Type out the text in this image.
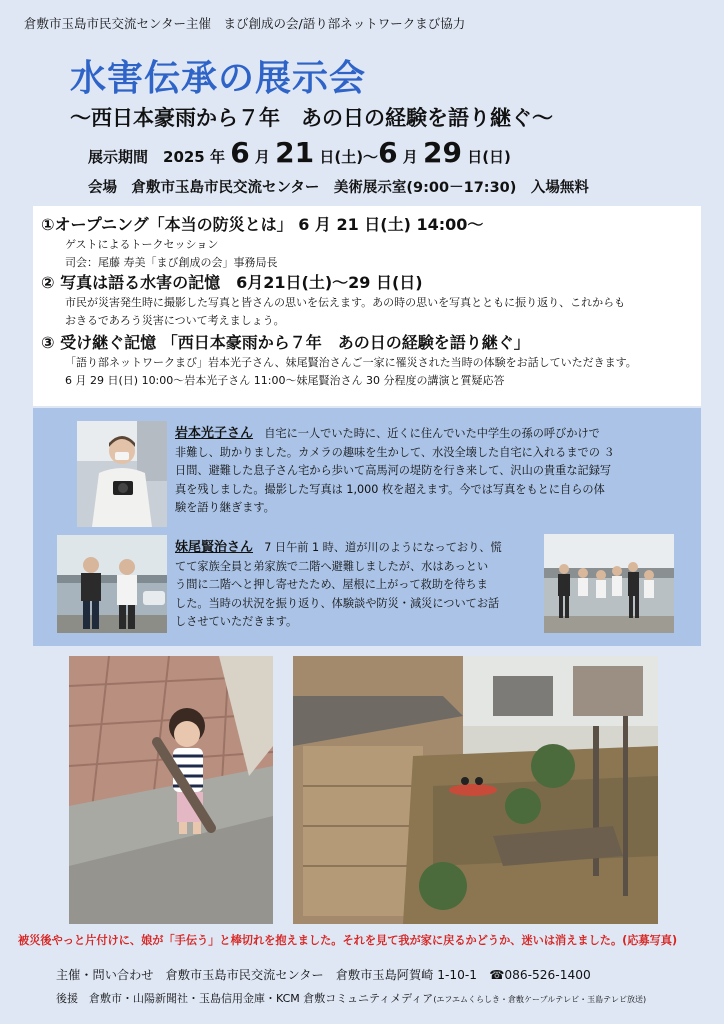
倉敷市玉島市民交流センター主催　まび創成の会/語り部ネットワークまび協力
水害伝承の展示会
〜西日本豪雨から７年　あの日の経験を語り継ぐ〜
展示期間　2025 年 6 月 21 日(土)〜6 月 29 日(日)
会場　倉敷市玉島市民交流センター　美術展示室(9:00－17:30)　入場無料
①オープニング「本当の防災とは」 6 月 21 日(土) 14:00〜
ゲストによるトークセッション
司会：尾藤 寿美「まび創成の会」事務局長
② 写真は語る水害の記憶　6月21日(土)〜29 日(日)
市民が災害発生時に撮影した写真と皆さんの思いを伝えます。あの時の思いを写真とともに振り返り、これからも
おきるであろう災害について考えましょう。
③ 受け継ぐ記憶 「西日本豪雨から７年　あの日の経験を語り継ぐ」
「語り部ネットワークまび」岩本光子さん、妹尾賢治さんご一家に罹災された当時の体験をお話していただきます。
6 月 29 日(日) 10:00〜岩本光子さん 11:00〜妹尾賢治さん 30 分程度の講演と質疑応答
岩本光子さん　自宅に一人でいた時に、近くに住んでいた中学生の孫の呼びかけで
非難し、助かりました。カメラの趣味を生かして、水没全壊した自宅に入れるまでの ３
日間、避難した息子さん宅から歩いて高馬河の堤防を行き来して、沢山の貴重な記録写
真を残しました。撮影した写真は 1,000 枚を超えます。今では写真をもとに自らの体
験を語り継ぎます。
妹尾賢治さん　7 日午前 1 時、道が川のようになっており、慌
てて家族全員と弟家族で二階へ避難しましたが、水はあっとい
う間に二階へと押し寄せたため、屋根に上がって救助を待ちま
した。当時の状況を振り返り、体験談や防災・減災についてお話
しさせていただきます。
被災後やっと片付けに、娘が「手伝う」と棒切れを抱えました。それを見て我が家に戻るかどうか、迷いは消えました。(応募写真)
主催・問い合わせ　倉敷市玉島市民交流センター　倉敷市玉島阿賀崎 1-10-1　☎086-526-1400
後援　倉敷市・山陽新聞社・玉島信用金庫・KCM 倉敷コミュニティメディア(エフエムくらしき・倉敷ケーブルテレビ・玉島テレビ放送)
